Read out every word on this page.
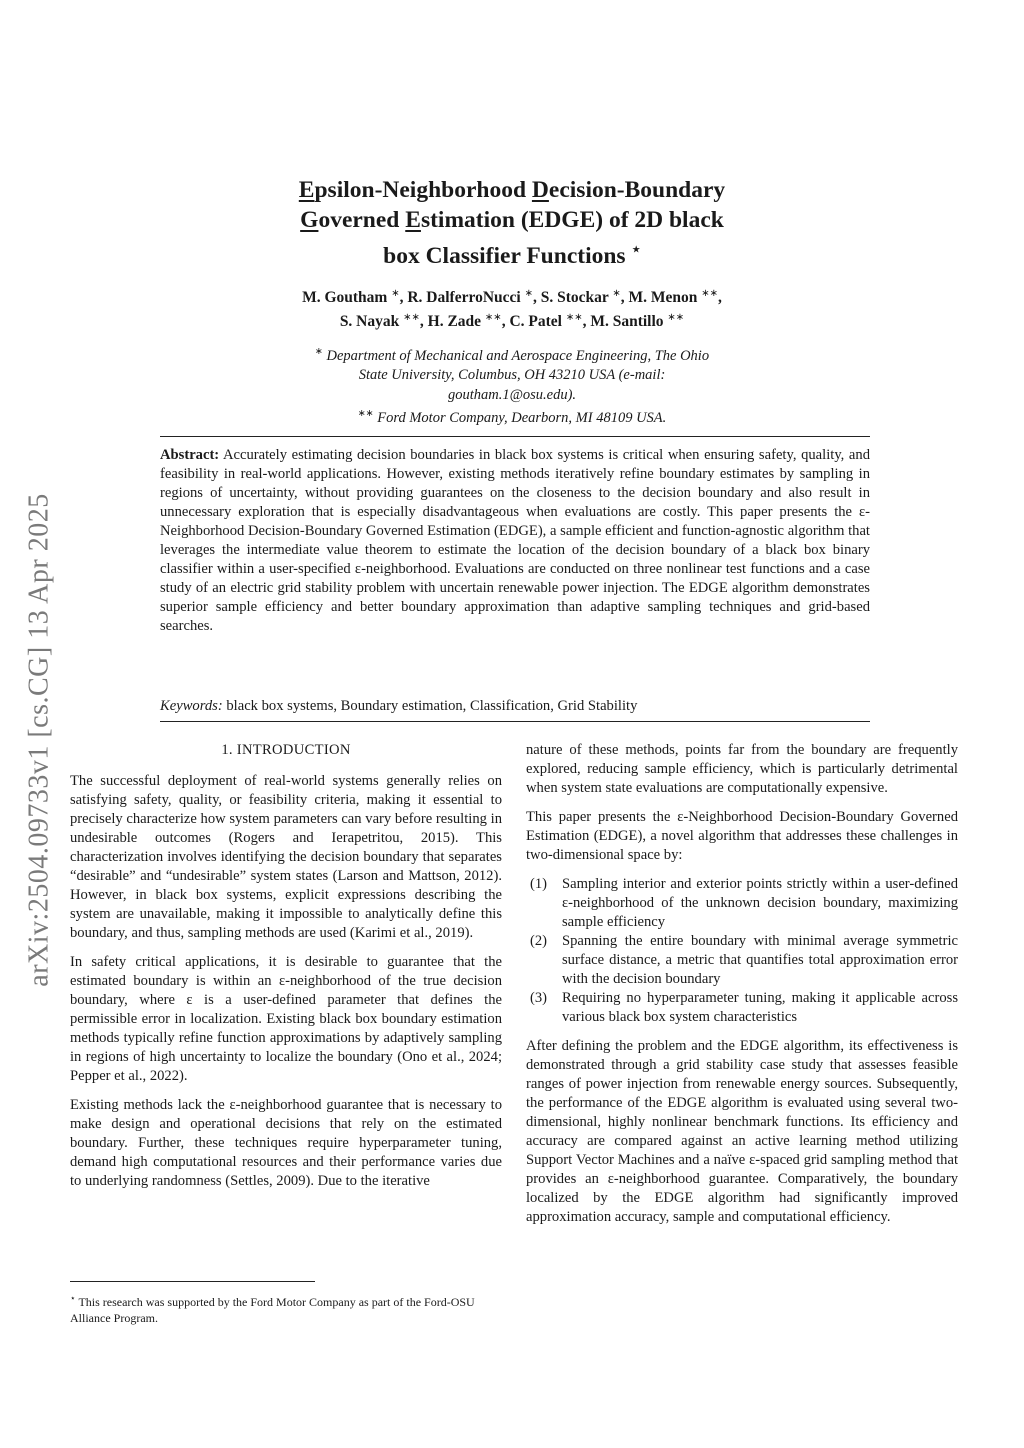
arXiv:2504.09733v1 [cs.CG] 13 Apr 2025
Epsilon-Neighborhood Decision-Boundary
Governed Estimation (EDGE) of 2D black
box Classifier Functions ⋆
M. Goutham ∗, R. DalferroNucci ∗, S. Stockar ∗, M. Menon ∗∗,
S. Nayak ∗∗, H. Zade ∗∗, C. Patel ∗∗, M. Santillo ∗∗
∗ Department of Mechanical and Aerospace Engineering, The Ohio
State University, Columbus, OH 43210 USA (e-mail:
goutham.1@osu.edu).
∗∗ Ford Motor Company, Dearborn, MI 48109 USA.

Abstract: Accurately estimating decision boundaries in black box systems is critical when ensuring safety, quality, and feasibility in real-world applications. However, existing methods iteratively refine boundary estimates by sampling in regions of uncertainty, without providing guarantees on the closeness to the decision boundary and also result in unnecessary exploration that is especially disadvantageous when evaluations are costly. This paper presents the ε-Neighborhood Decision-Boundary Governed Estimation (EDGE), a sample efficient and function-agnostic algorithm that leverages the intermediate value theorem to estimate the location of the decision boundary of a black box binary classifier within a user-specified ε-neighborhood. Evaluations are conducted on three nonlinear test functions and a case study of an electric grid stability problem with uncertain renewable power injection. The EDGE algorithm demonstrates superior sample efficiency and better boundary approximation than adaptive sampling techniques and grid-based searches.

Keywords: black box systems, Boundary estimation, Classification, Grid Stability
1. INTRODUCTION

The successful deployment of real-world systems generally relies on satisfying safety, quality, or feasibility criteria, making it essential to precisely characterize how system parameters can vary before resulting in undesirable outcomes (Rogers and Ierapetritou, 2015). This characterization involves identifying the decision boundary that separates “desirable” and “undesirable” system states (Larson and Mattson, 2012). However, in black box systems, explicit expressions describing the system are unavailable, making it impossible to analytically define this boundary, and thus, sampling methods are used (Karimi et al., 2019).

In safety critical applications, it is desirable to guarantee that the estimated boundary is within an ε-neighborhood of the true decision boundary, where ε is a user-defined parameter that defines the permissible error in localization. Existing black box boundary estimation methods typically refine function approximations by adaptively sampling in regions of high uncertainty to localize the boundary (Ono et al., 2024; Pepper et al., 2022).

Existing methods lack the ε-neighborhood guarantee that is necessary to make design and operational decisions that rely on the estimated boundary. Further, these techniques require hyperparameter tuning, demand high computational resources and their performance varies due to underlying randomness (Settles, 2009). Due to the iterative

nature of these methods, points far from the boundary are frequently explored, reducing sample efficiency, which is particularly detrimental when system state evaluations are computationally expensive.

This paper presents the ε-Neighborhood Decision-Boundary Governed Estimation (EDGE), a novel algorithm that addresses these challenges in two-dimensional space by:

(1)	Sampling interior and exterior points strictly within a user-defined ε-neighborhood of the unknown decision boundary, maximizing sample efficiency
(2)	Spanning the entire boundary with minimal average symmetric surface distance, a metric that quantifies total approximation error with the decision boundary
(3)	Requiring no hyperparameter tuning, making it applicable across various black box system characteristics

After defining the problem and the EDGE algorithm, its effectiveness is demonstrated through a grid stability case study that assesses feasible ranges of power injection from renewable energy sources. Subsequently, the performance of the EDGE algorithm is evaluated using several two-dimensional, highly nonlinear benchmark functions. Its efficiency and accuracy are compared against an active learning method utilizing Support Vector Machines and a naïve ε-spaced grid sampling method that provides an ε-neighborhood guarantee. Comparatively, the boundary localized by the EDGE algorithm had significantly improved approximation accuracy, sample and computational efficiency.

⋆ This research was supported by the Ford Motor Company as part of the Ford-OSU Alliance Program.
